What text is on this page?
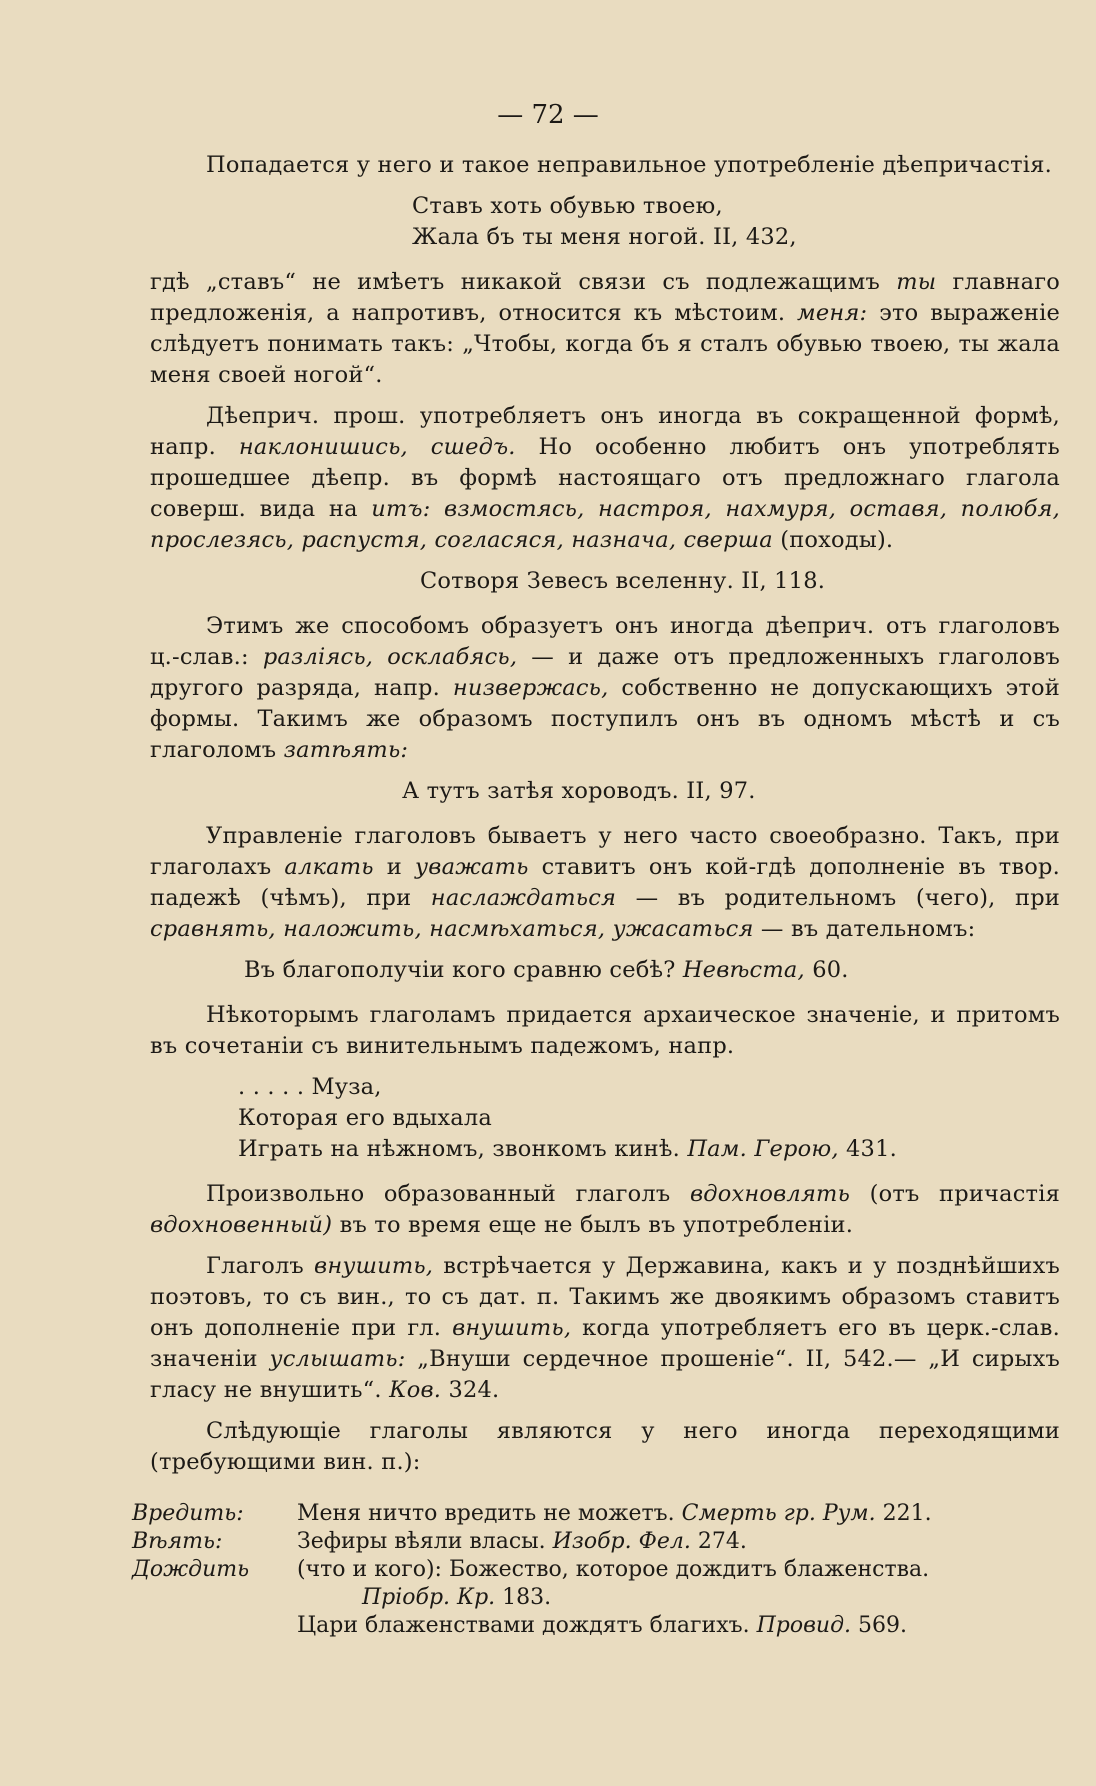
— 72 —

Попадается у него и такое неправильное употребленіе дѣепричастія.

Ставъ хоть обувью твоею,
Жала бъ ты меня ногой. II, 432,

гдѣ „ставъ“ не имѣетъ никакой связи съ подлежащимъ ты главнаго предложенія, а напротивъ, относится къ мѣстоим. меня: это выраженіе слѣдуетъ понимать такъ: „Чтобы, когда бъ я сталъ обувью твоею, ты жала меня своей ногой“.

Дѣеприч. прош. употребляетъ онъ иногда въ сокращенной формѣ, напр. наклонишись, сшедъ. Но особенно любитъ онъ употреблять прошедшее дѣепр. въ формѣ настоящаго отъ предложнаго глагола соверш. вида на итъ: взмостясь, настроя, нахмуря, оставя, полюбя, прослезясь, распустя, согласяся, назнача, сверша (походы).

Сотворя Зевесъ вселенну. II, 118.

Этимъ же способомъ образуетъ онъ иногда дѣеприч. отъ глаголовъ ц.-слав.: разлiясь, осклабясь, — и даже отъ предложенныхъ глаголовъ другого разряда, напр. низвержась, собственно не допускающихъ этой формы. Такимъ же образомъ поступилъ онъ въ одномъ мѣстѣ и съ глаголомъ затѣять:

А тутъ затѣя хороводъ. II, 97.

Управленіе глаголовъ бываетъ у него часто своеобразно. Такъ, при глаголахъ алкать и уважать ставитъ онъ кой-гдѣ дополненіе въ твор. падежѣ (чѣмъ), при наслаждаться — въ родительномъ (чего), при сравнять, наложить, насмѣхаться, ужасаться — въ дательномъ:

Въ благополучіи кого сравню себѣ? Невѣста, 60.

Нѣкоторымъ глаголамъ придается архаическое значеніе, и притомъ въ сочетаніи съ винительнымъ падежомъ, напр.

. . . . . Муза,
Которая его вдыхала
Играть на нѣжномъ, звонкомъ кинѣ. Пам. Герою, 431.

Произвольно образованный глаголъ вдохновлять (отъ причастія вдохновенный) въ то время еще не былъ въ употребленіи.

Глаголъ внушить, встрѣчается у Державина, какъ и у позднѣйшихъ поэтовъ, то съ вин., то съ дат. п. Такимъ же двоякимъ образомъ ставитъ онъ дополненіе при гл. внушить, когда употребляетъ его въ церк.-слав. значеніи услышать: „Внуши сердечное прошеніе“. II, 542.— „И сирыхъ гласу не внушить“. Ков. 324.

Слѣдующіе глаголы являются у него иногда переходящими (требующими вин. п.):

Вредить:	Меня ничто вредить не можетъ. Смерть гр. Рум. 221.
Вѣять:	Зефиры вѣяли власы. Изобр. Фел. 274.
Дождить	(что и кого): Божество, которое дождитъ блаженства.
Пріобр. Кр. 183.
Цари блаженствами дождятъ благихъ. Провид. 569.
